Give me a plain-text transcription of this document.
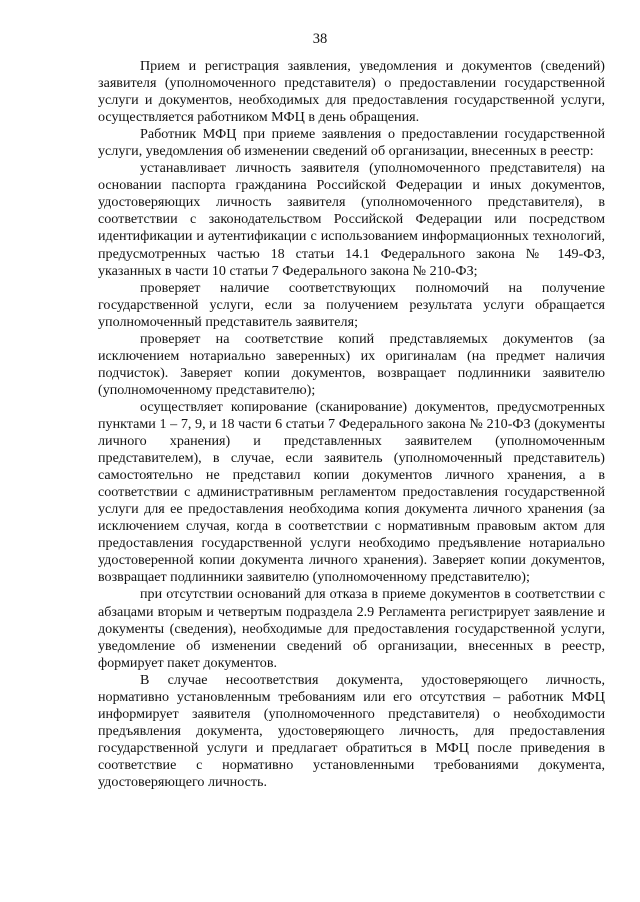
38

Прием и регистрация заявления, уведомления и документов (сведений) заявителя (уполномоченного представителя) о предоставлении государственной услуги и документов, необходимых для предоставления государственной услуги, осуществляется работником МФЦ в день обращения.

Работник МФЦ при приеме заявления о предоставлении государственной услуги, уведомления об изменении сведений об организации, внесенных в реестр:

устанавливает личность заявителя (уполномоченного представителя) на основании паспорта гражданина Российской Федерации и иных документов, удостоверяющих личность заявителя (уполномоченного представителя), в соответствии с законодательством Российской Федерации или посредством идентификации и аутентификации с использованием информационных технологий, предусмотренных частью 18 статьи 14.1 Федерального закона № 149-ФЗ, указанных в части 10 статьи 7 Федерального закона № 210-ФЗ;

проверяет наличие соответствующих полномочий на получение государственной услуги, если за получением результата услуги обращается уполномоченный представитель заявителя;

проверяет на соответствие копий представляемых документов (за исключением нотариально заверенных) их оригиналам (на предмет наличия подчисток). Заверяет копии документов, возвращает подлинники заявителю (уполномоченному представителю);

осуществляет копирование (сканирование) документов, предусмотренных пунктами 1 – 7, 9, и 18 части 6 статьи 7 Федерального закона № 210-ФЗ (документы личного хранения) и представленных заявителем (уполномоченным представителем), в случае, если заявитель (уполномоченный представитель) самостоятельно не представил копии документов личного хранения, а в соответствии с административным регламентом предоставления государственной услуги для ее предоставления необходима копия документа личного хранения (за исключением случая, когда в соответствии с нормативным правовым актом для предоставления государственной услуги необходимо предъявление нотариально удостоверенной копии документа личного хранения). Заверяет копии документов, возвращает подлинники заявителю (уполномоченному представителю);

при отсутствии оснований для отказа в приеме документов в соответствии с абзацами вторым и четвертым подраздела 2.9 Регламента регистрирует заявление и документы (сведения), необходимые для предоставления государственной услуги, уведомление об изменении сведений об организации, внесенных в реестр, формирует пакет документов.

В случае несоответствия документа, удостоверяющего личность, нормативно установленным требованиям или его отсутствия – работник МФЦ информирует заявителя (уполномоченного представителя) о необходимости предъявления документа, удостоверяющего личность, для предоставления государственной услуги и предлагает обратиться в МФЦ после приведения в соответствие с нормативно установленными требованиями документа, удостоверяющего личность.
